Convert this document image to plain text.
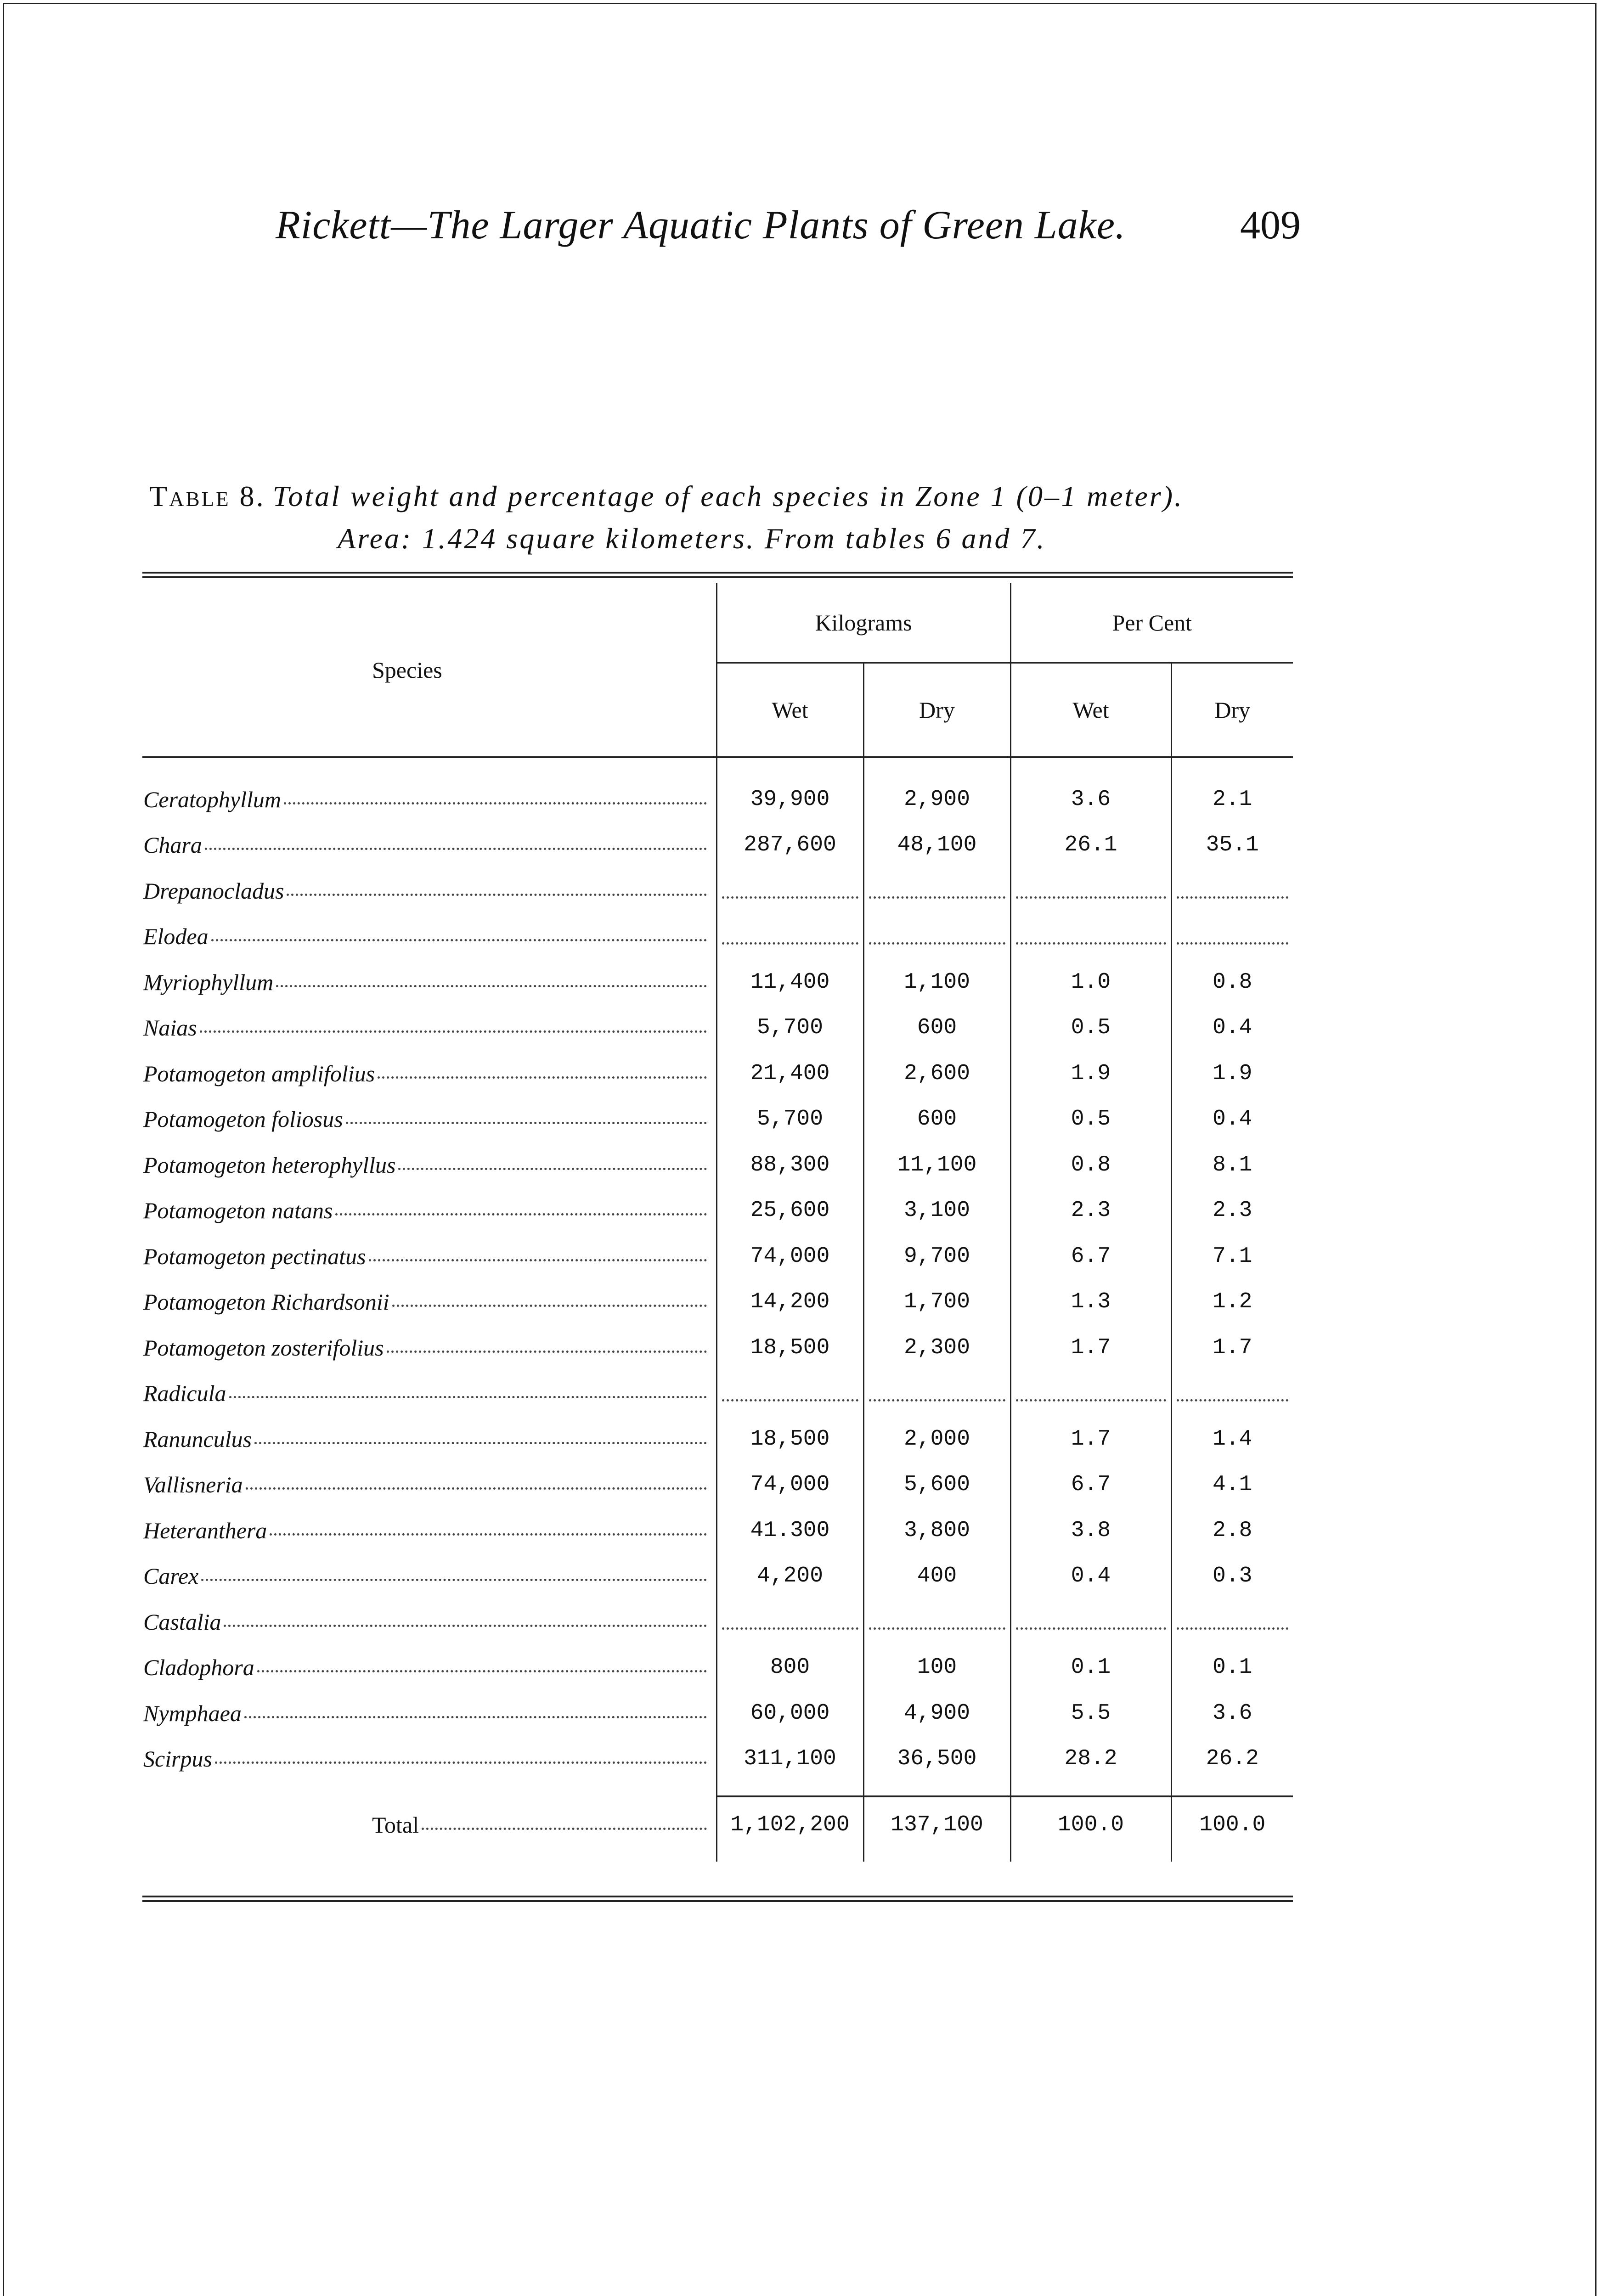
Rickett—The Larger Aquatic Plants of Green Lake.	409
Table 8. Total weight and percentage of each species in Zone 1 (0–1 meter).
Area: 1.424 square kilometers. From tables 6 and 7.
Species	Kilograms		Per Cent	
	Wet	Dry	Wet	Dry

Ceratophyllum	39,900	2,900	3.6	2.1

Chara	287,600	48,100	26.1	35.1

Drepanocladus				

Elodea				

Myriophyllum	11,400	1,100	1.0	0.8

Naias	5,700	600	0.5	0.4

Potamogeton amplifolius	21,400	2,600	1.9	1.9

Potamogeton foliosus	5,700	600	0.5	0.4

Potamogeton heterophyllus	88,300	11,100	0.8	8.1

Potamogeton natans	25,600	3,100	2.3	2.3

Potamogeton pectinatus	74,000	9,700	6.7	7.1

Potamogeton Richardsonii	14,200	1,700	1.3	1.2

Potamogeton zosterifolius	18,500	2,300	1.7	1.7

Radicula				

Ranunculus	18,500	2,000	1.7	1.4

Vallisneria	74,000	5,600	6.7	4.1

Heteranthera	41.300	3,800	3.8	2.8

Carex	4,200	400	0.4	0.3

Castalia				

Cladophora	800	100	0.1	0.1

Nymphaea	60,000	4,900	5.5	3.6

Scirpus	311,100	36,500	28.2	26.2

Total	1,102,200	137,100	100.0	100.0
